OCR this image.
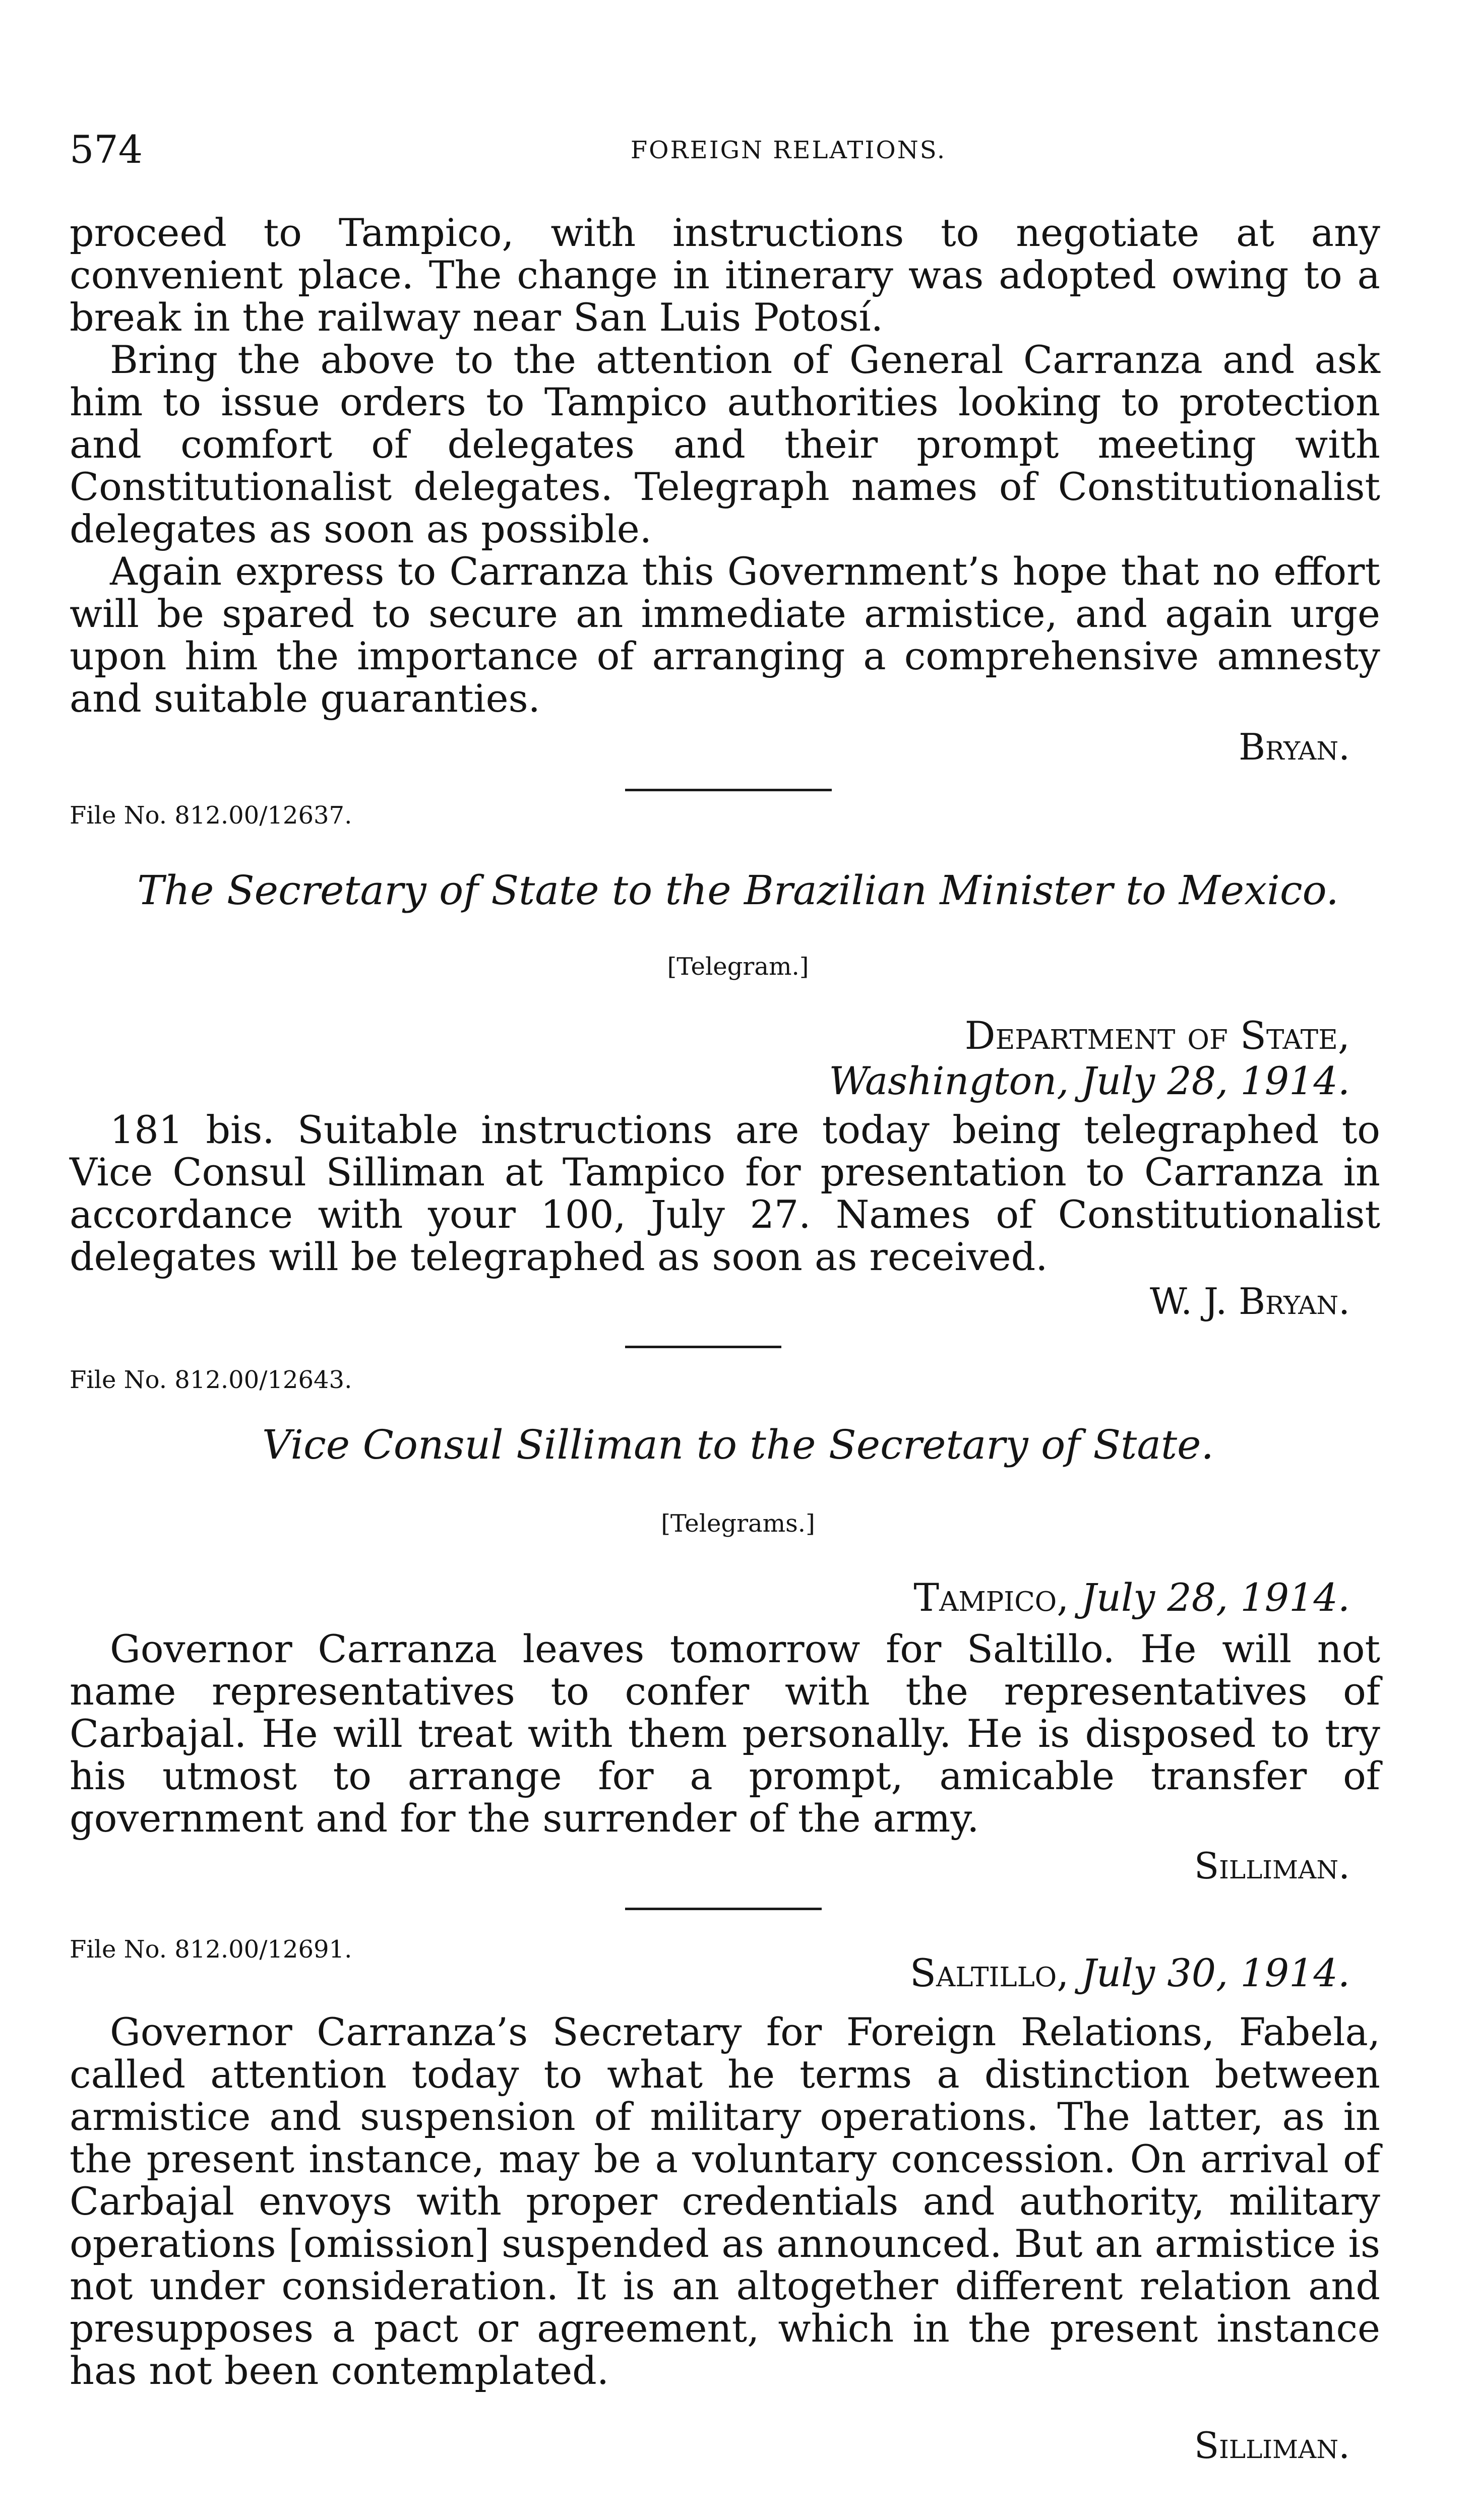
574	FOREIGN RELATIONS.

proceed to Tampico, with instructions to negotiate at any convenient place. The change in itinerary was adopted owing to a break in the railway near San Luis Potosí.

Bring the above to the attention of General Carranza and ask him to issue orders to Tampico authorities looking to protection and comfort of delegates and their prompt meeting with Constitutionalist delegates. Telegraph names of Constitutionalist delegates as soon as possible.

Again express to Carranza this Government’s hope that no effort will be spared to secure an immediate armistice, and again urge upon him the importance of arranging a comprehensive amnesty and suitable guaranties.

Bryan.
File No. 812.00/12637.
The Secretary of State to the Brazilian Minister to Mexico.
[Telegram.]
Department of State,
Washington, July 28, 1914.

181 bis. Suitable instructions are today being telegraphed to Vice Consul Silliman at Tampico for presentation to Carranza in accordance with your 100, July 27. Names of Constitutionalist delegates will be telegraphed as soon as received.

W. J. Bryan.
File No. 812.00/12643.
Vice Consul Silliman to the Secretary of State.
[Telegrams.]
Tampico, July 28, 1914.

Governor Carranza leaves tomorrow for Saltillo. He will not name representatives to confer with the representatives of Carbajal. He will treat with them personally. He is disposed to try his utmost to arrange for a prompt, amicable transfer of government and for the surrender of the army.

Silliman.
File No. 812.00/12691.
Saltillo, July 30, 1914.

Governor Carranza’s Secretary for Foreign Relations, Fabela, called attention today to what he terms a distinction between armistice and suspension of military operations. The latter, as in the present instance, may be a voluntary concession. On arrival of Carbajal envoys with proper credentials and authority, military operations [omission] suspended as announced. But an armistice is not under consideration. It is an altogether different relation and presupposes a pact or agreement, which in the present instance has not been contemplated.

Silliman.
